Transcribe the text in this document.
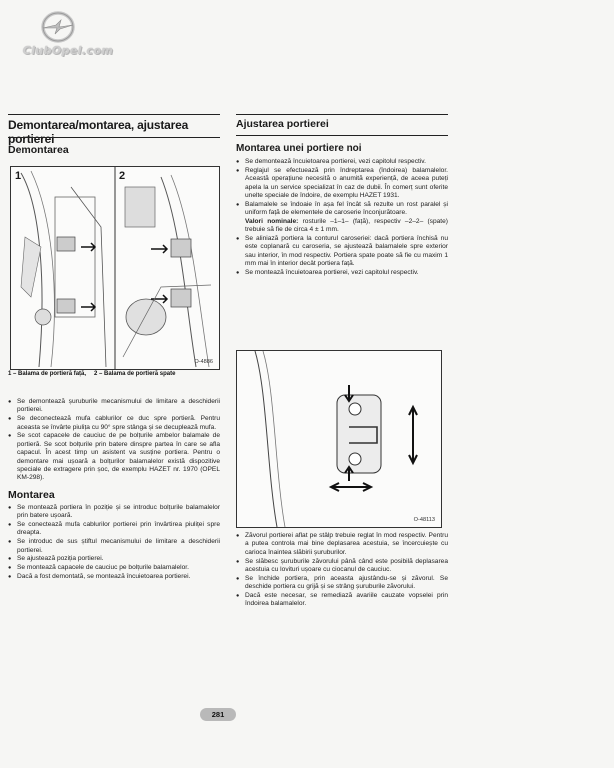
ClubOpel.com
Demontarea/montarea, ajustarea portierei
Demontarea
1	2
O-4886
1 – Balama de portieră față, 2 – Balama de portieră spate
● Se demontează șuruburile mecanismului de limitare a deschiderii portierei.
● Se deconectează mufa cablurilor ce duc spre portieră. Pentru aceasta se învârte piulița cu 90° spre stânga și se decuplează mufa.
● Se scot capacele de cauciuc de pe bolțurile ambelor balamale de portieră. Se scot bolțurile prin batere dinspre partea în care se afla capacul. În acest timp un asistent va susține portiera. Pentru o demontare mai ușoară a bolțurilor balamalelor există dispozitive speciale de extragere prin șoc, de exemplu HAZET nr. 1970 (OPEL KM-298).
Montarea
● Se montează portiera în poziție și se introduc bolțurile balamalelor prin batere ușoară.
● Se conectează mufa cablurilor portierei prin învârtirea piuliței spre dreapta.
● Se introduc de sus știftul mecanismului de limitare a deschiderii portierei.
● Se ajustează poziția portierei.
● Se montează capacele de cauciuc pe bolțurile balamalelor.
● Dacă a fost demontată, se montează încuietoarea portierei.
Ajustarea portierei
Montarea unei portiere noi
● Se demontează încuietoarea portierei, vezi capitolul respectiv.
● Reglajul se efectuează prin îndreptarea (îndoirea) balamalelor. Această operațiune necesită o anumită experiență, de aceea puteți apela la un service specializat în caz de dubii. În comerț sunt oferite unelte speciale de îndoire, de exemplu HAZET 1931.
● Balamalele se îndoaie în așa fel încât să rezulte un rost paralel și uniform față de elementele de caroserie înconjurătoare.
Valori nominale: rosturile –1–1– (față), respectiv –2–2– (spate) trebuie să fie de circa 4 ± 1 mm.
● Se aliniază portiera la conturul caroseriei: dacă portiera închisă nu este coplanară cu caroseria, se ajustează balamalele spre exterior sau interior, în mod respectiv. Portiera spate poate să fie cu maxim 1 mm mai în interior decât portiera față.
● Se montează încuietoarea portierei, vezi capitolul respectiv.
O-48113
● Zăvorul portierei aflat pe stâlp trebuie reglat în mod respectiv. Pentru a putea controla mai bine deplasarea acestuia, se încercuiește cu carioca înaintea slăbirii șuruburilor.
● Se slăbesc șuruburile zăvorului până când este posibilă deplasarea acestuia cu lovituri ușoare cu ciocanul de cauciuc.
● Se închide portiera, prin aceasta ajustându-se și zăvorul. Se deschide portiera cu grijă și se strâng șuruburile zăvorului.
● Dacă este necesar, se remediază avariile cauzate vopselei prin îndoirea balamalelor.
281
